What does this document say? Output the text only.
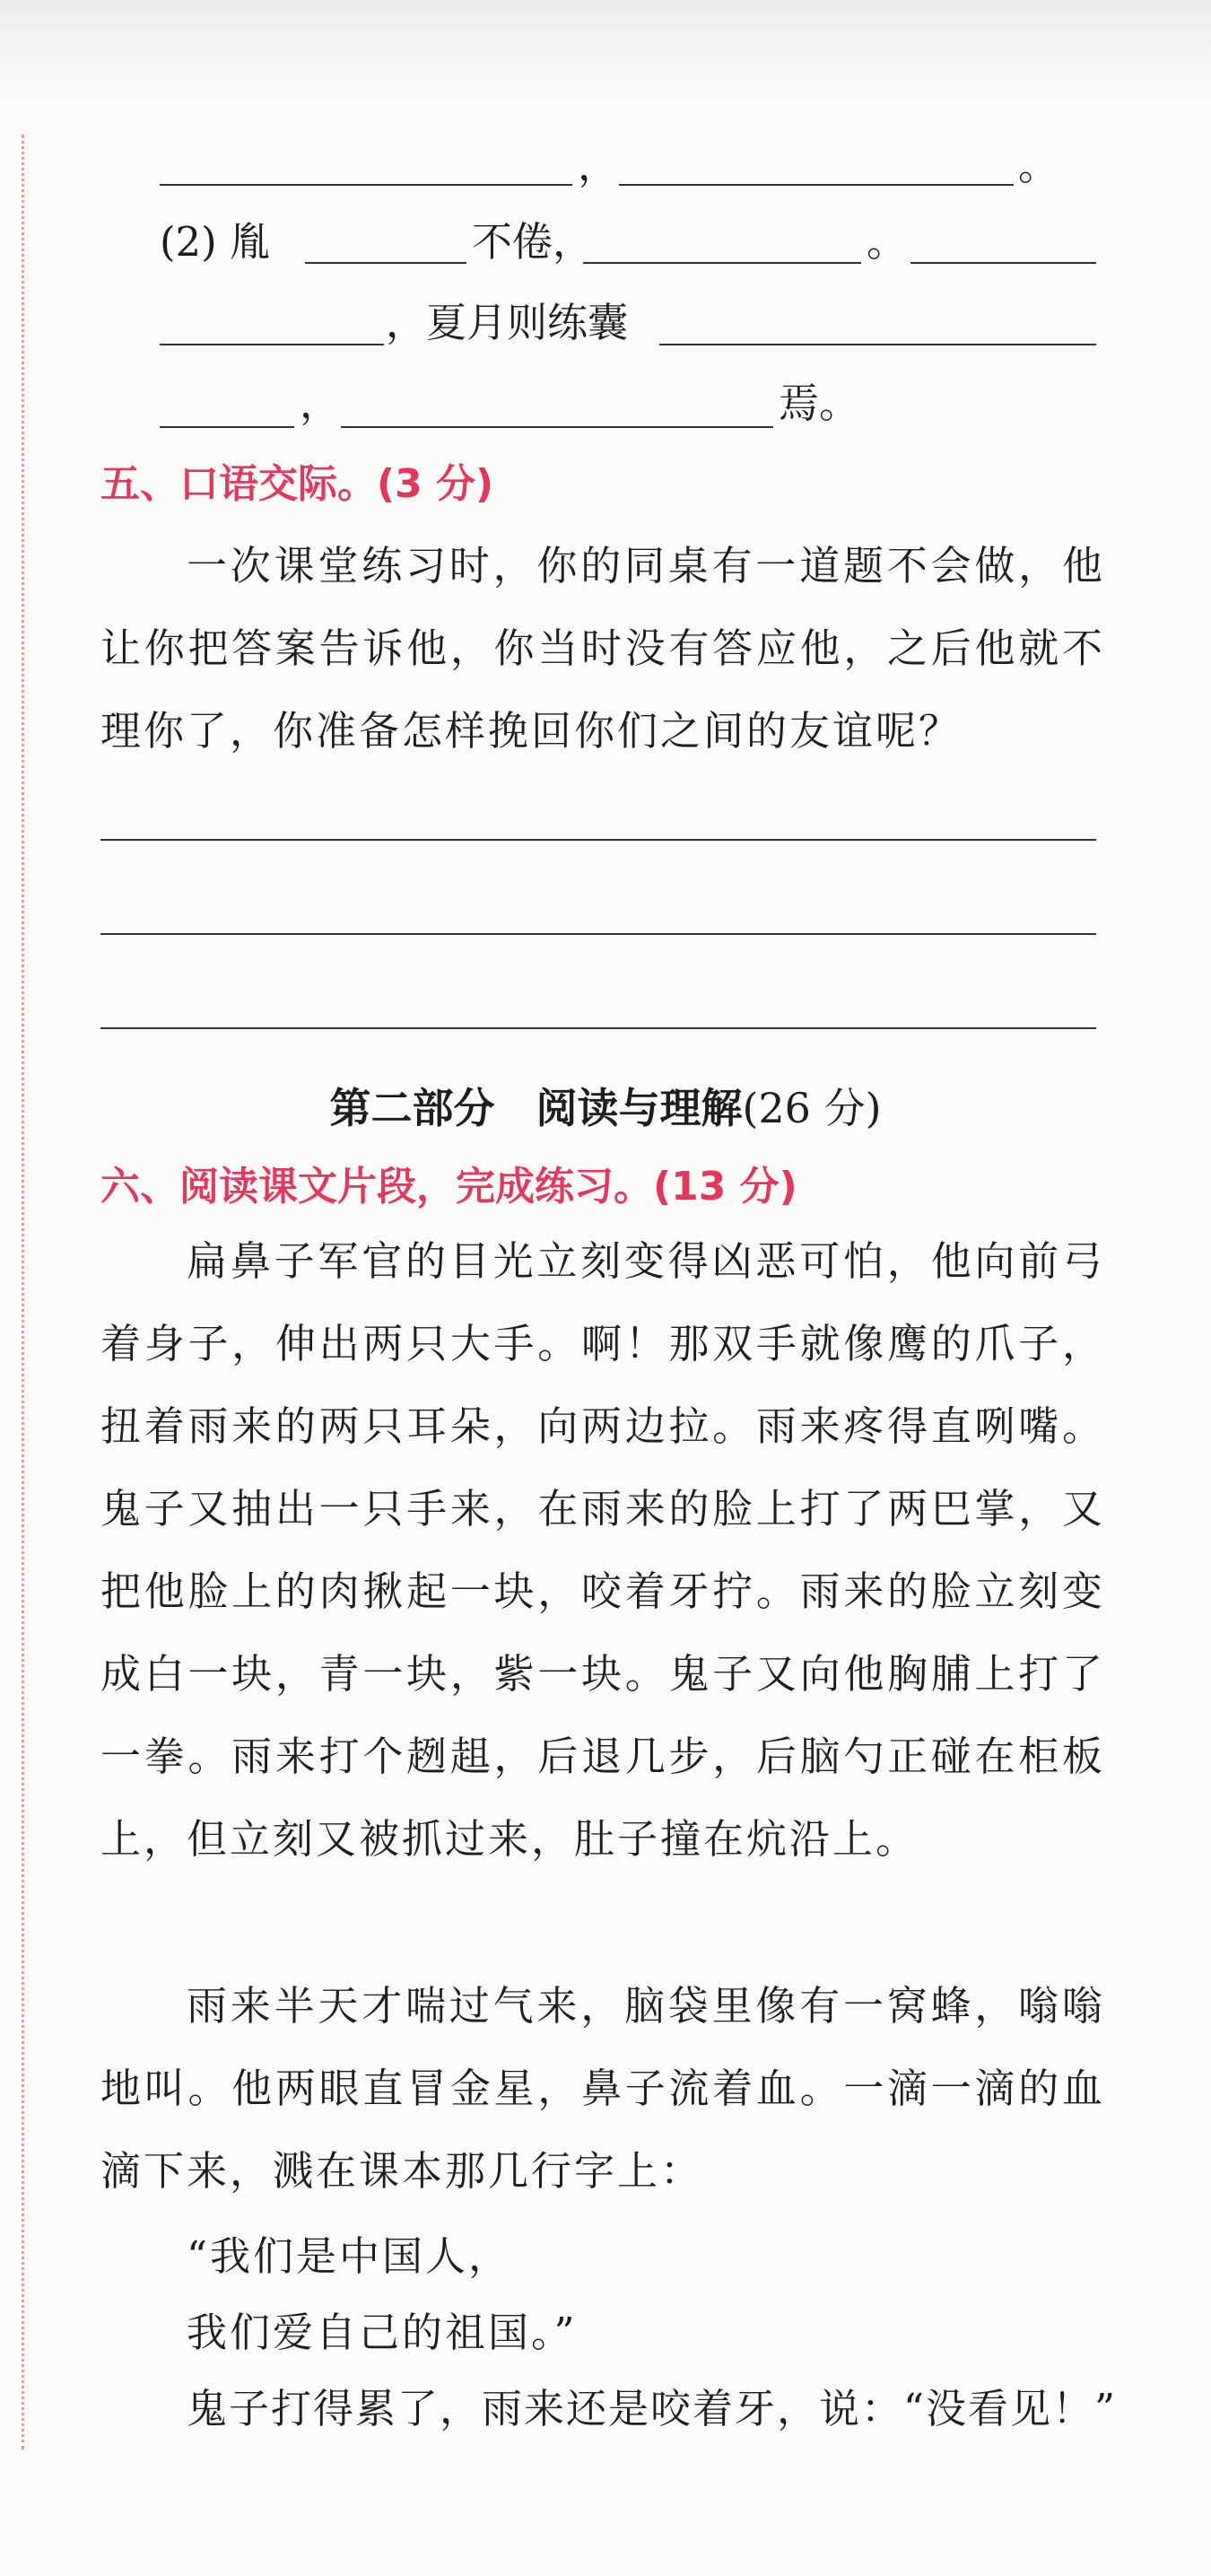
，	。
(2) 胤	不倦，	。
，夏月则练囊
，	焉。
五、口语交际。(3 分)
一次课堂练习时，你的同桌有一道题不会做，他让你把答案告诉他，你当时没有答应他，之后他就不理你了，你准备怎样挽回你们之间的友谊呢？
第二部分　阅读与理解(26 分)
六、阅读课文片段，完成练习。(13 分)
扁鼻子军官的目光立刻变得凶恶可怕，他向前弓着身子，伸出两只大手。啊！那双手就像鹰的爪子，扭着雨来的两只耳朵，向两边拉。雨来疼得直咧嘴。鬼子又抽出一只手来，在雨来的脸上打了两巴掌，又把他脸上的肉揪起一块，咬着牙拧。雨来的脸立刻变成白一块，青一块，紫一块。鬼子又向他胸脯上打了一拳。雨来打个趔趄，后退几步，后脑勺正碰在柜板上，但立刻又被抓过来，肚子撞在炕沿上。
雨来半天才喘过气来，脑袋里像有一窝蜂，嗡嗡地叫。他两眼直冒金星，鼻子流着血。一滴一滴的血滴下来，溅在课本那几行字上：
“我们是中国人，
我们爱自己的祖国。”
鬼子打得累了，雨来还是咬着牙，说：“没看见！”
